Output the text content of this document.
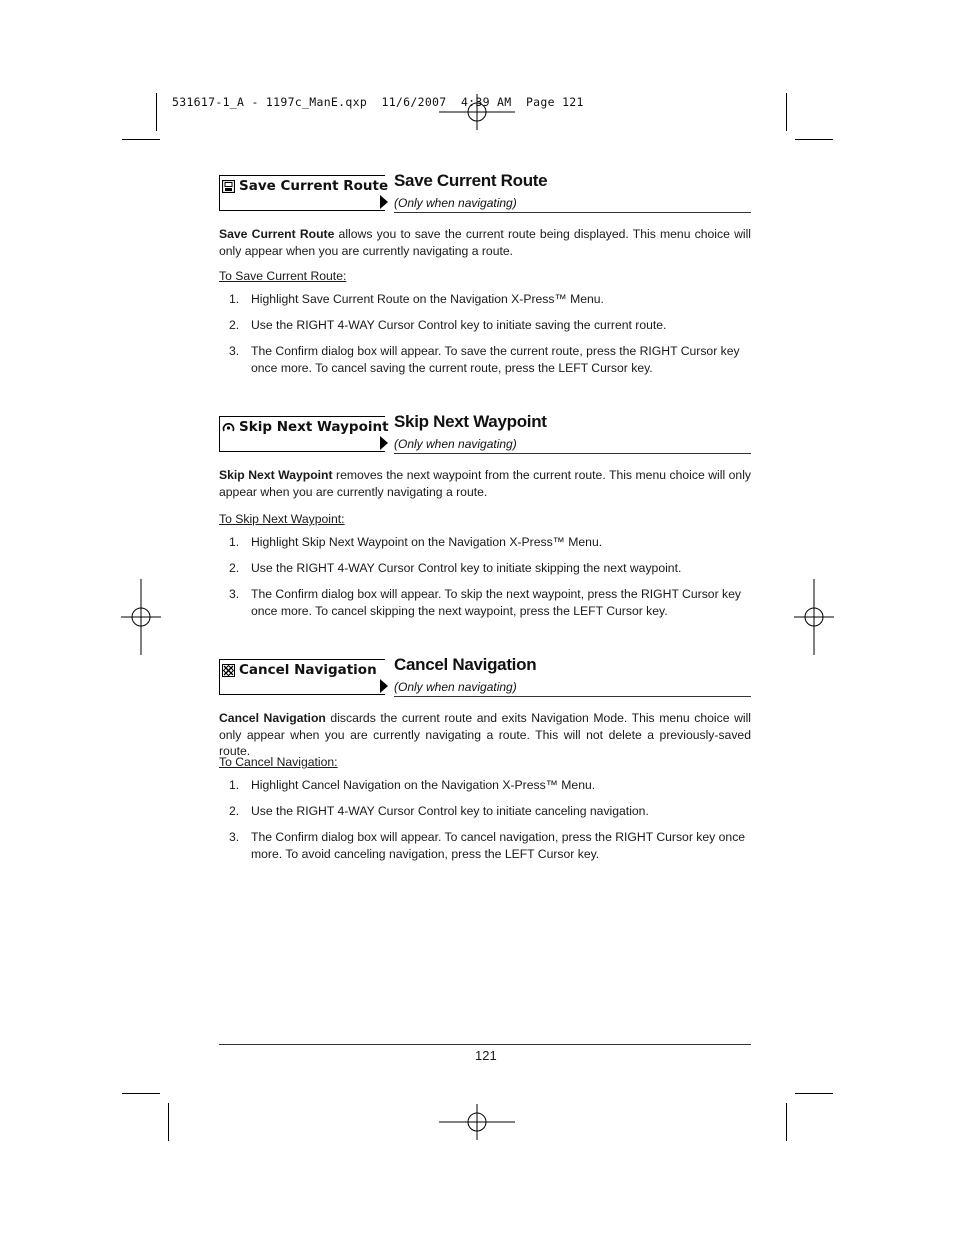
531617-1_A - 1197c_ManE.qxp  11/6/2007  4:39 AM  Page 121
Save Current Route Save Current Route
(Only when navigating)
Save Current Route allows you to save the current route being displayed. This menu choice will only appear when you are currently navigating a route.
To Save Current Route:
1. Highlight Save Current Route on the Navigation X-Press™ Menu.
2. Use the RIGHT 4-WAY Cursor Control key to initiate saving the current route.
3. The Confirm dialog box will appear. To save the current route, press the RIGHT Cursor key once more. To cancel saving the current route, press the LEFT Cursor key.
Skip Next Waypoint Skip Next Waypoint
(Only when navigating)
Skip Next Waypoint removes the next waypoint from the current route. This menu choice will only appear when you are currently navigating a route.
To Skip Next Waypoint:
1. Highlight Skip Next Waypoint on the Navigation X-Press™ Menu.
2. Use the RIGHT 4-WAY Cursor Control key to initiate skipping the next waypoint.
3. The Confirm dialog box will appear. To skip the next waypoint, press the RIGHT Cursor key once more. To cancel skipping the next waypoint, press the LEFT Cursor key.
Cancel Navigation Cancel Navigation
(Only when navigating)
Cancel Navigation discards the current route and exits Navigation Mode. This menu choice will only appear when you are currently navigating a route. This will not delete a previously-saved route.
To Cancel Navigation:
1. Highlight Cancel Navigation on the Navigation X-Press™ Menu.
2. Use the RIGHT 4-WAY Cursor Control key to initiate canceling navigation.
3. The Confirm dialog box will appear. To cancel navigation, press the RIGHT Cursor key once more. To avoid canceling navigation, press the LEFT Cursor key.
121
